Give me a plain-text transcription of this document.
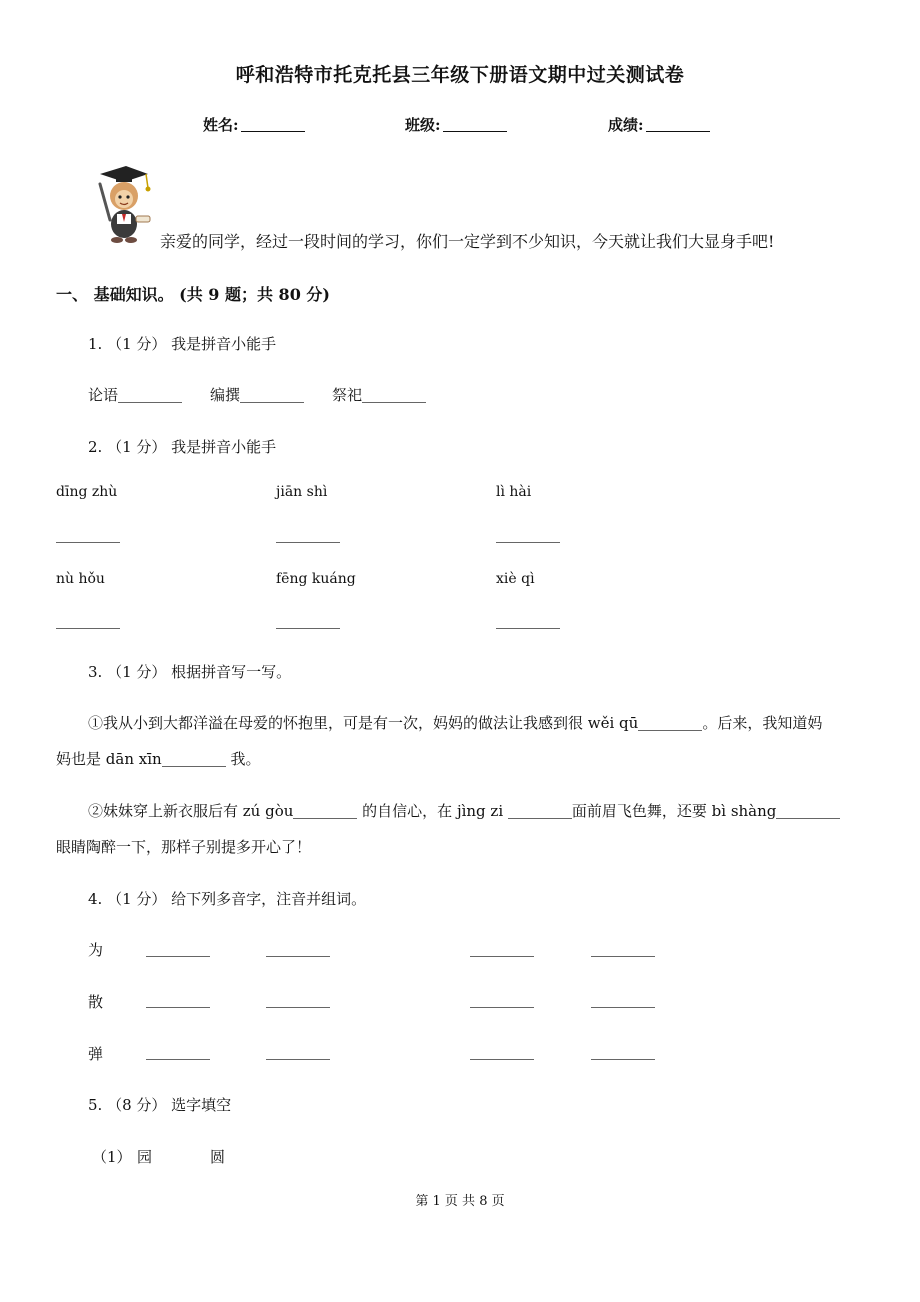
呼和浩特市托克托县三年级下册语文期中过关测试卷
姓名:	班级:	成绩:
亲爱的同学，经过一段时间的学习，你们一定学到不少知识，今天就让我们大显身手吧!
一、 基础知识。 (共 9 题；共 80 分)
1. （1 分） 我是拼音小能手
论语	编撰	祭祀
2. （1 分） 我是拼音小能手
dīng zhù	jiān shì	lì hài
nù hǒu	fēng kuáng	xiè qì
3. （1 分） 根据拼音写一写。
①我从小到大都洋溢在母爱的怀抱里，可是有一次，妈妈的做法让我感到很 wěi qū	。后来，我知道妈
妈也是 dān xīn	我。
②妹妹穿上新衣服后有 zú gòu	的自信心，在 jìng zi	面前眉飞色舞，还要 bì shàng
眼睛陶醉一下，那样子别提多开心了！
4. （1 分） 给下列多音字，注音并组词。
为
散
弹
5. （8 分） 选字填空
（1） 园	圆
第 1 页 共 8 页
